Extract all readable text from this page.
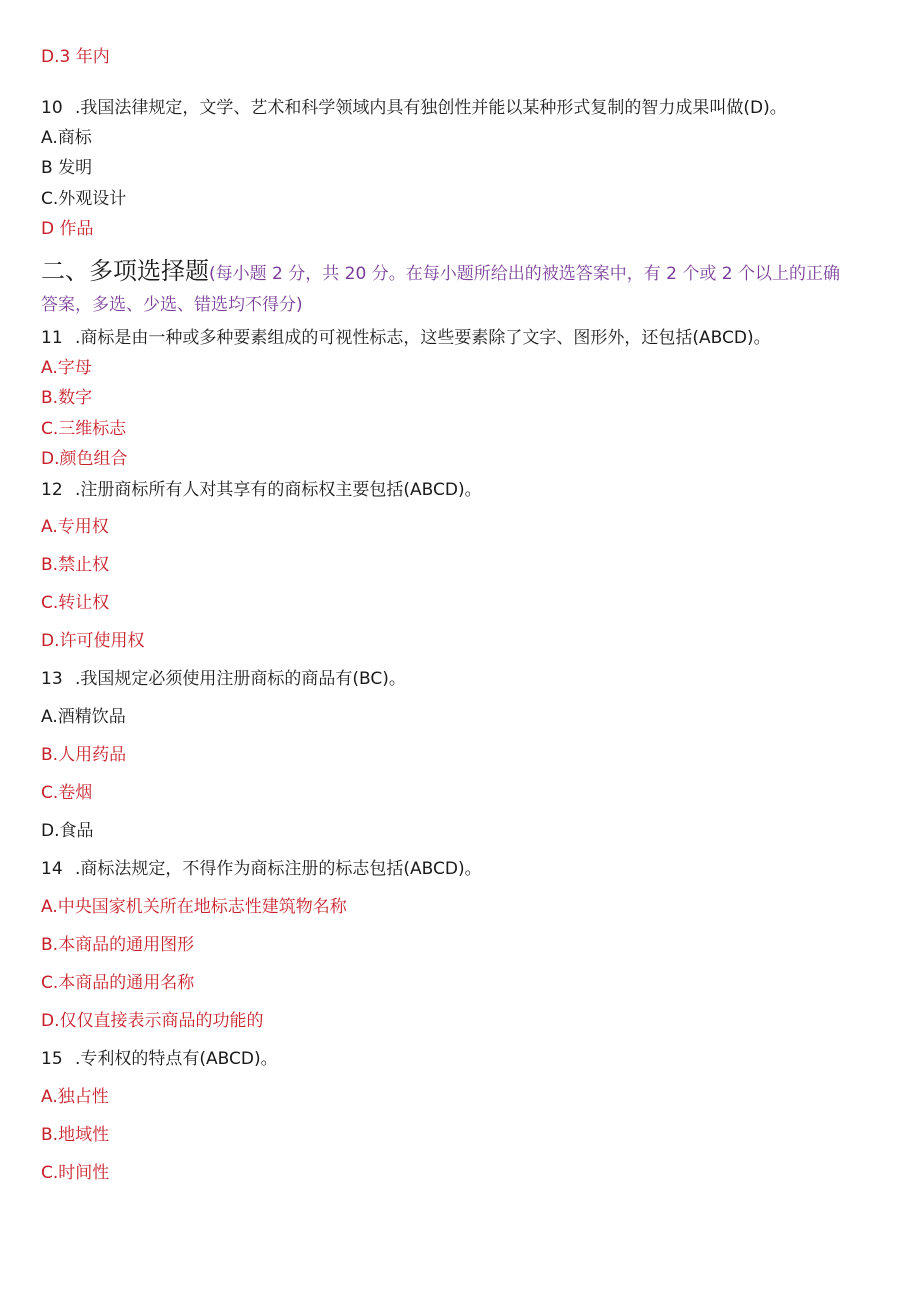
D.3 年内
10 .我国法律规定，文学、艺术和科学领域内具有独创性并能以某种形式复制的智力成果叫做(D)。
A.商标
B 发明
C.外观设计
D 作品
二、多项选择题(每小题 2 分，共 20 分。在每小题所给出的被选答案中，有 2 个或 2 个以上的正确
答案，多选、少选、错选均不得分)
11 .商标是由一种或多种要素组成的可视性标志，这些要素除了文字、图形外，还包括(ABCD)。
A.字母
B.数字
C.三维标志
D.颜色组合
12 .注册商标所有人对其享有的商标权主要包括(ABCD)。
A.专用权
B.禁止权
C.转让权
D.许可使用权
13 .我国规定必须使用注册商标的商品有(BC)。
A.酒精饮品
B.人用药品
C.卷烟
D.食品
14 .商标法规定，不得作为商标注册的标志包括(ABCD)。
A.中央国家机关所在地标志性建筑物名称
B.本商品的通用图形
C.本商品的通用名称
D.仅仅直接表示商品的功能的
15 .专利权的特点有(ABCD)。
A.独占性
B.地域性
C.时间性
